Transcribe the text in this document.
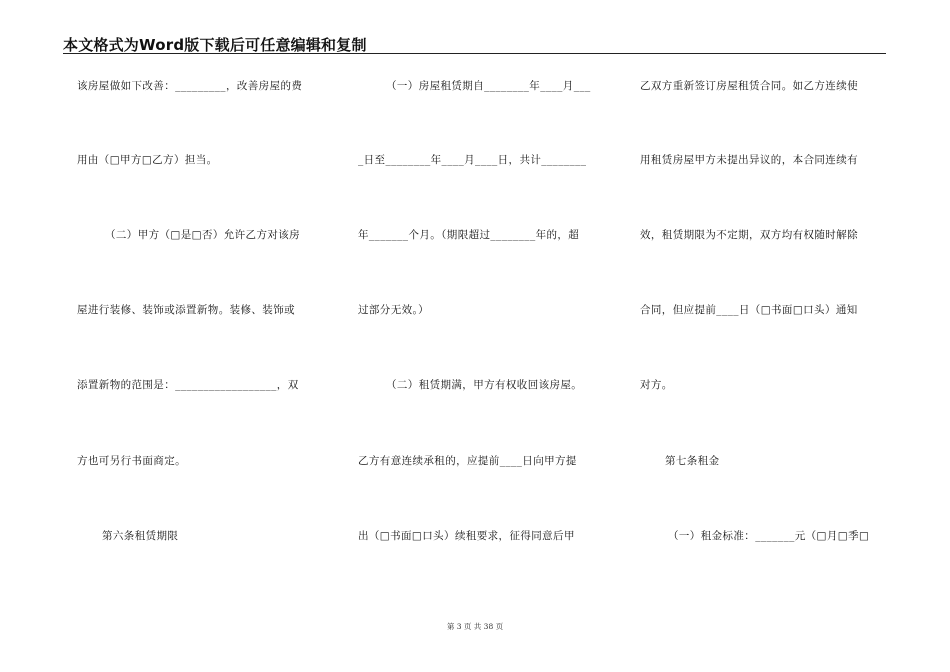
本文格式为Word版下载后可任意编辑和复制
该房屋做如下改善：_________，改善房屋的费
用由（□甲方□乙方）担当。
（二）甲方（□是□否）允许乙方对该房
屋进行装修、装饰或添置新物。装修、装饰或
添置新物的范围是：__________________，双
方也可另行书面商定。
第六条租赁期限
（一）房屋租赁期自________年____月___
_日至________年____月____日，共计________
年_______个月。（期限超过________年的，超
过部分无效。）
（二）租赁期满，甲方有权收回该房屋。
乙方有意连续承租的，应提前____日向甲方提
出（□书面□口头）续租要求，征得同意后甲
乙双方重新签订房屋租赁合同。如乙方连续使
用租赁房屋甲方未提出异议的，本合同连续有
效，租赁期限为不定期，双方均有权随时解除
合同，但应提前____日（□书面□口头）通知
对方。
第七条租金
（一）租金标准：_______元（□月□季□
第 3 页 共 38 页
